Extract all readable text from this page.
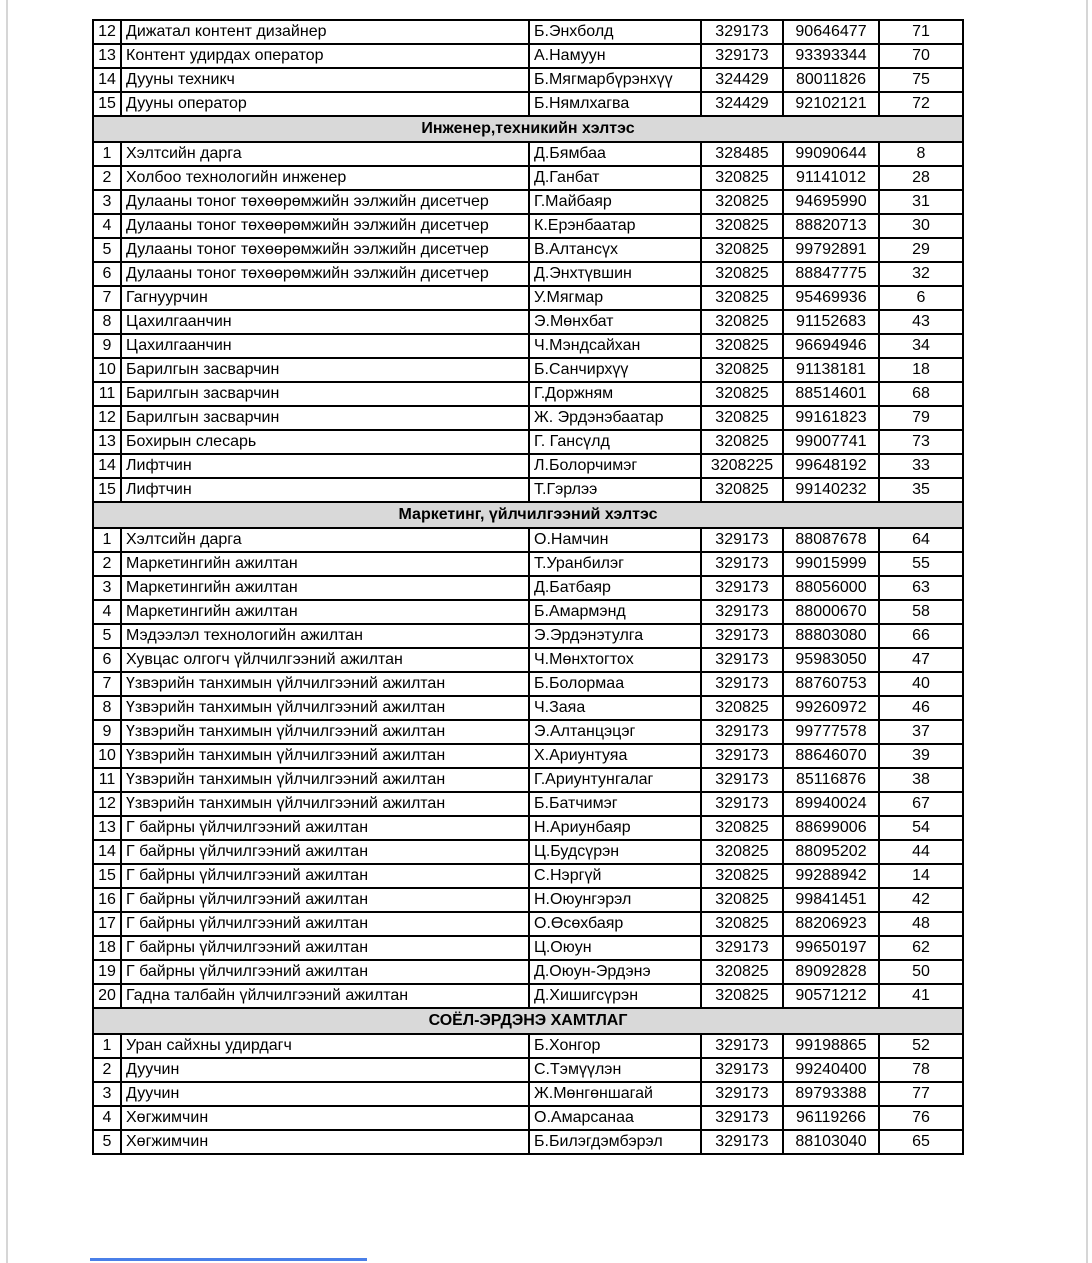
12	Дижатал контент дизайнер	Б.Энхболд	329173	90646477	71
13	Контент удирдах оператор	А.Намуун	329173	93393344	70
14	Дууны техникч	Б.Мягмарбүрэнхүү	324429	80011826	75
15	Дууны оператор	Б.Нямлхагва	324429	92102121	72
Инженер,техникийн хэлтэс					
1	Хэлтсийн дарга	Д.Бямбаа	328485	99090644	8
2	Холбоо технологийн инженер	Д.Ганбат	320825	91141012	28
3	Дулааны тоног төхөөрөмжийн ээлжийн дисетчер	Г.Майбаяр	320825	94695990	31
4	Дулааны тоног төхөөрөмжийн ээлжийн дисетчер	К.Ерэнбаатар	320825	88820713	30
5	Дулааны тоног төхөөрөмжийн ээлжийн дисетчер	В.Алтансүх	320825	99792891	29
6	Дулааны тоног төхөөрөмжийн ээлжийн дисетчер	Д.Энхтүвшин	320825	88847775	32
7	Гагнуурчин	У.Мягмар	320825	95469936	6
8	Цахилгаанчин	Э.Мөнхбат	320825	91152683	43
9	Цахилгаанчин	Ч.Мэндсайхан	320825	96694946	34
10	Барилгын засварчин	Б.Санчирхүү	320825	91138181	18
11	Барилгын засварчин	Г.Доржням	320825	88514601	68
12	Барилгын засварчин	Ж. Эрдэнэбаатар	320825	99161823	79
13	Бохирын слесарь	Г. Гансүлд	320825	99007741	73
14	Лифтчин	Л.Болорчимэг	3208225	99648192	33
15	Лифтчин	Т.Гэрлээ	320825	99140232	35
Маркетинг, үйлчилгээний хэлтэс					
1	Хэлтсийн дарга	О.Намчин	329173	88087678	64
2	Маркетингийн ажилтан	Т.Уранбилэг	329173	99015999	55
3	Маркетингийн ажилтан	Д.Батбаяр	329173	88056000	63
4	Маркетингийн ажилтан	Б.Амармэнд	329173	88000670	58
5	Мэдээлэл технологийн ажилтан	Э.Эрдэнэтулга	329173	88803080	66
6	Хувцас олгогч үйлчилгээний ажилтан	Ч.Мөнхтогтох	329173	95983050	47
7	Үзвэрийн танхимын үйлчилгээний ажилтан	Б.Болормаа	329173	88760753	40
8	Үзвэрийн танхимын үйлчилгээний ажилтан	Ч.Заяа	320825	99260972	46
9	Үзвэрийн танхимын үйлчилгээний ажилтан	Э.Алтанцэцэг	329173	99777578	37
10	Үзвэрийн танхимын үйлчилгээний ажилтан	Х.Ариунтуяа	329173	88646070	39
11	Үзвэрийн танхимын үйлчилгээний ажилтан	Г.Ариунтунгалаг	329173	85116876	38
12	Үзвэрийн танхимын үйлчилгээний ажилтан	Б.Батчимэг	329173	89940024	67
13	Г байрны үйлчилгээний ажилтан	Н.Ариунбаяр	320825	88699006	54
14	Г байрны үйлчилгээний ажилтан	Ц.Будсүрэн	320825	88095202	44
15	Г байрны үйлчилгээний ажилтан	С.Нэргүй	320825	99288942	14
16	Г байрны үйлчилгээний ажилтан	Н.Оюунгэрэл	320825	99841451	42
17	Г байрны үйлчилгээний ажилтан	О.Өсөхбаяр	320825	88206923	48
18	Г байрны үйлчилгээний ажилтан	Ц.Оюун	329173	99650197	62
19	Г байрны үйлчилгээний ажилтан	Д.Оюун-Эрдэнэ	320825	89092828	50
20	Гадна талбайн үйлчилгээний ажилтан	Д.Хишигсүрэн	320825	90571212	41
СОЁЛ-ЭРДЭНЭ ХАМТЛАГ					
1	Уран сайхны удирдагч	Б.Хонгор	329173	99198865	52
2	Дуучин	С.Тэмүүлэн	329173	99240400	78
3	Дуучин	Ж.Мөнгөншагай	329173	89793388	77
4	Хөгжимчин	О.Амарсанаа	329173	96119266	76
5	Хөгжимчин	Б.Билэгдэмбэрэл	329173	88103040	65
